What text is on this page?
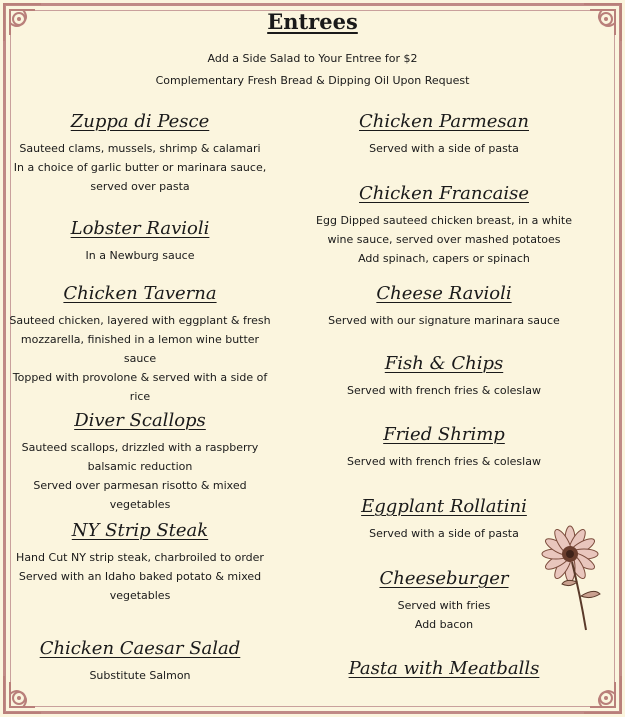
Entrees
Add a Side Salad to Your Entree for $2
Complementary Fresh Bread & Dipping Oil Upon Request
Zuppa di Pesce
Sauteed clams, mussels, shrimp & calamari
In a choice of garlic butter or marinara sauce,
served over pasta
Lobster Ravioli
In a Newburg sauce
Chicken Taverna
Sauteed chicken, layered with eggplant & fresh
mozzarella, finished in a lemon wine butter sauce
Topped with provolone & served with a side of
rice
Diver Scallops
Sauteed scallops, drizzled with a raspberry
balsamic reduction
Served over parmesan risotto & mixed vegetables
NY Strip Steak
Hand Cut NY strip steak, charbroiled to order
Served with an Idaho baked potato & mixed
vegetables
Chicken Caesar Salad
Substitute Salmon
Chicken Parmesan
Served with a side of pasta
Chicken Francaise
Egg Dipped sauteed chicken breast, in a white
wine sauce, served over mashed potatoes
Add spinach, capers or spinach
Cheese Ravioli
Served with our signature marinara sauce
Fish & Chips
Served with french fries & coleslaw
Fried Shrimp
Served with french fries & coleslaw
Eggplant Rollatini
Served with a side of pasta
Cheeseburger
Served with fries
Add bacon
Pasta with Meatballs
